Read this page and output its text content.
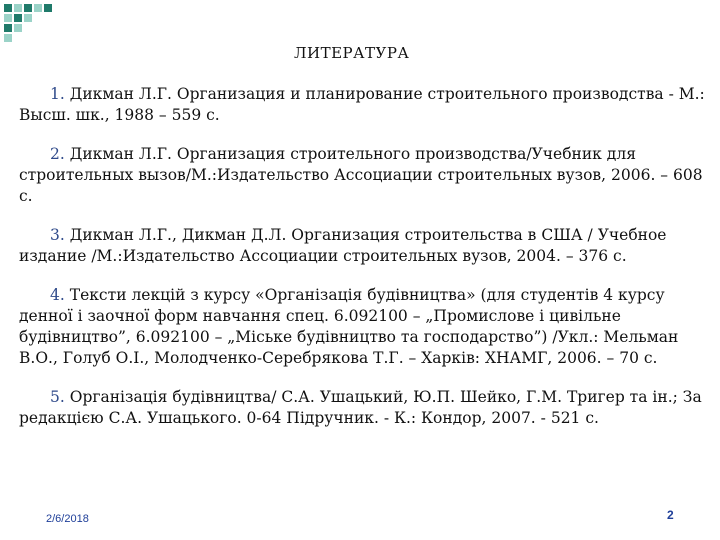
ЛИТЕРАТУРА

1. Дикман Л.Г. Организация и планирование строительного производства - М.: Высш. шк., 1988 – 559 с.

2. Дикман Л.Г. Организация строительного производства/Учебник для строительных вызов/М.:Издательство Ассоциации строительных вузов, 2006. – 608 с.

3. Дикман Л.Г., Дикман Д.Л. Организация строительства в США / Учебное издание /М.:Издательство Ассоциации строительных вузов, 2004. – 376 с.

4. Тексти лекцій з курсу «Організація будівництва» (для студентів 4 курсу денної і заочної форм навчання спец. 6.092100 – „Промислове і цивільне будівництво”, 6.092100 – „Міське будівництво та господарство”) /Укл.: Мельман В.О., Голуб О.І., Молодченко-Серебрякова Т.Г. – Харків: ХНАМГ, 2006. – 70 с.

5. Організація будівництва/ С.А. Ушацький, Ю.П. Шейко, Г.М. Тригер та ін.; За редакцією С.А. Ушацького. 0-64 Підручник. - К.: Кондор, 2007. - 521 с.

2/6/2018	2
